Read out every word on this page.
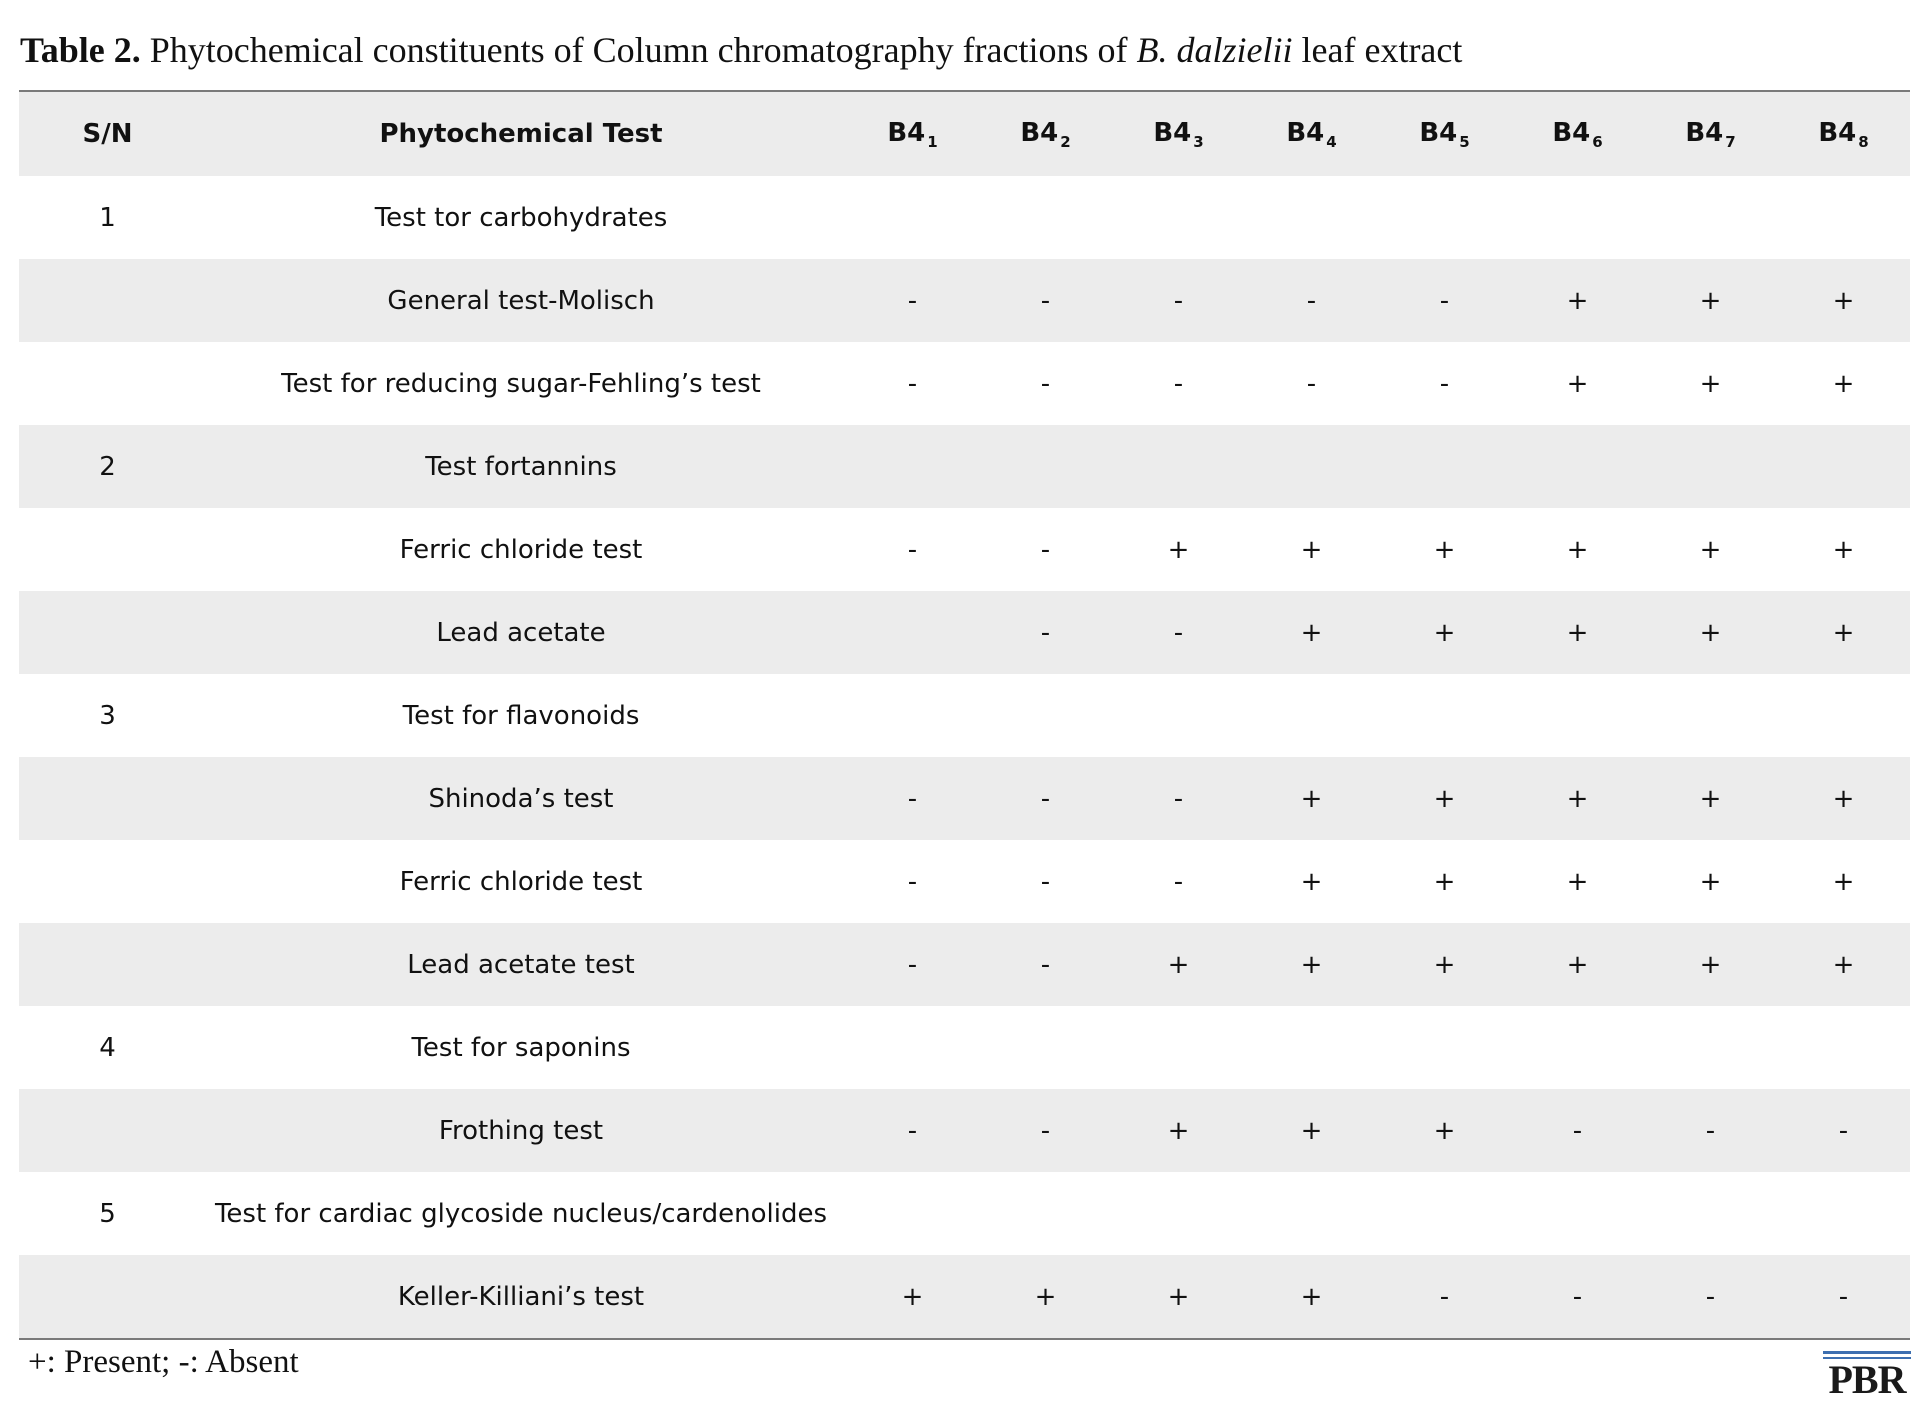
Table 2. Phytochemical constituents of Column chromatography fractions of B. dalzielii leaf extract
S/N	Phytochemical Test	B4 $_1$	B4 $_2$	B4 $_3$	B4 $_4$	B4 $_5$	B4 $_6$	B4 $_7$	B4 $_8$
1	Test tor carbohydrates								
	General test-Molisch	-	-	-	-	-	+	+	+
	Test for reducing sugar-Fehling’s test	-	-	-	-	-	+	+	+
2	Test fortannins								
	Ferric chloride test	-	-	+	+	+	+	+	+
	Lead acetate		-	-	+	+	+	+	+
3	Test for flavonoids								
	Shinoda’s test	-	-	-	+	+	+	+	+
	Ferric chloride test	-	-	-	+	+	+	+	+
	Lead acetate test	-	-	+	+	+	+	+	+
4	Test for saponins								
	Frothing test	-	-	+	+	+	-	-	-
5	Test for cardiac glycoside nucleus/cardenolides								
	Keller-Killiani’s test	+	+	+	+	-	-	-	-
+: Present; -: Absent	PBR
